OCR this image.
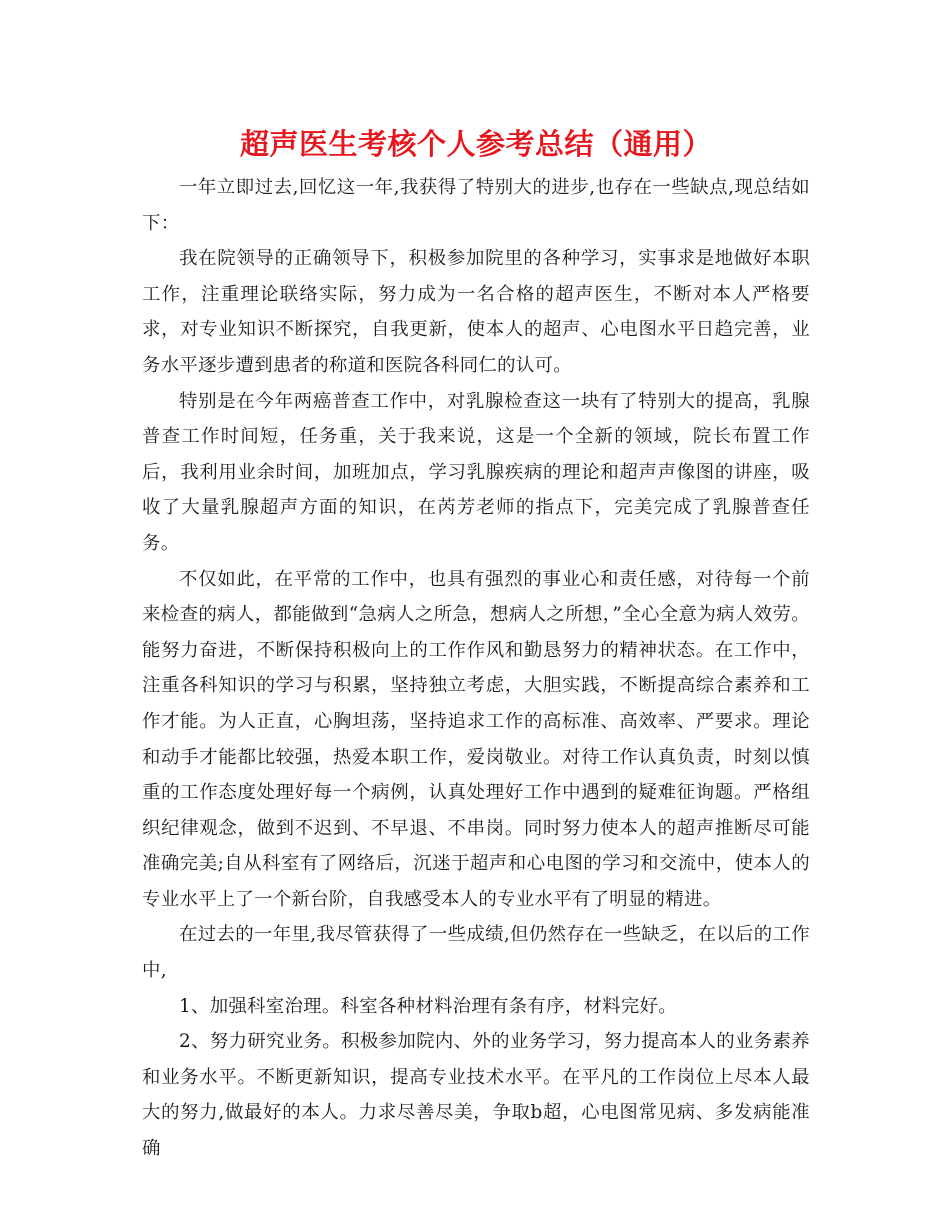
超声医生考核个人参考总结（通用）

一年立即过去,回忆这一年,我获得了特别大的进步,也存在一些缺点,现总结如下：

我在院领导的正确领导下，积极参加院里的各种学习，实事求是地做好本职工作，注重理论联络实际，努力成为一名合格的超声医生，不断对本人严格要求，对专业知识不断探究，自我更新，使本人的超声、心电图水平日趋完善，业务水平逐步遭到患者的称道和医院各科同仁的认可。

特别是在今年两癌普查工作中，对乳腺检查这一块有了特别大的提高，乳腺普查工作时间短，任务重，关于我来说，这是一个全新的领域，院长布置工作后，我利用业余时间，加班加点，学习乳腺疾病的理论和超声声像图的讲座，吸收了大量乳腺超声方面的知识，在芮芳老师的指点下，完美完成了乳腺普查任务。

不仅如此，在平常的工作中，也具有强烈的事业心和责任感，对待每一个前来检查的病人，都能做到“急病人之所急，想病人之所想，”全心全意为病人效劳。能努力奋进，不断保持积极向上的工作作风和勤恳努力的精神状态。在工作中，注重各科知识的学习与积累，坚持独立考虑，大胆实践，不断提高综合素养和工作才能。为人正直，心胸坦荡，坚持追求工作的高标准、高效率、严要求。理论和动手才能都比较强，热爱本职工作，爱岗敬业。对待工作认真负责，时刻以慎重的工作态度处理好每一个病例，认真处理好工作中遇到的疑难征询题。严格组织纪律观念，做到不迟到、不早退、不串岗。同时努力使本人的超声推断尽可能准确完美;自从科室有了网络后，沉迷于超声和心电图的学习和交流中，使本人的专业水平上了一个新台阶，自我感受本人的专业水平有了明显的精进。

在过去的一年里,我尽管获得了一些成绩,但仍然存在一些缺乏，在以后的工作中,

1、加强科室治理。科室各种材料治理有条有序，材料完好。

2、努力研究业务。积极参加院内、外的业务学习，努力提高本人的业务素养和业务水平。不断更新知识，提高专业技术水平。在平凡的工作岗位上尽本人最大的努力,做最好的本人。力求尽善尽美，争取b超，心电图常见病、多发病能准确
